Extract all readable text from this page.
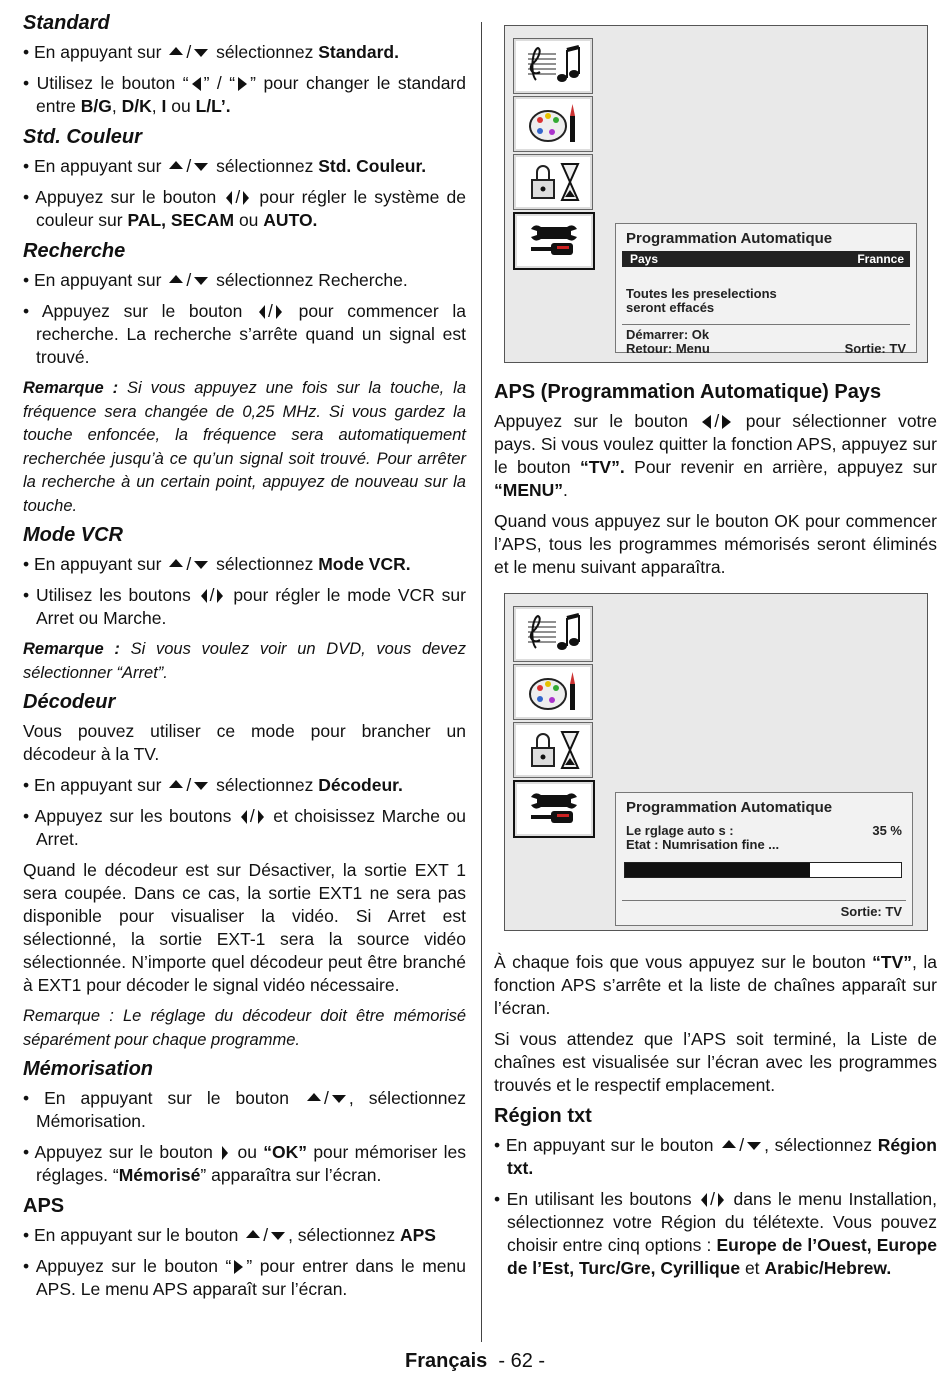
Standard

• En appuyant sur / sélectionnez Standard.

• Utilisez le bouton “ ” / “ ” pour changer le standard entre B/G, D/K, I ou L/L’.

Std. Couleur

• En appuyant sur / sélectionnez Std. Couleur.

• Appuyez sur le bouton / pour régler le système de couleur sur PAL, SECAM ou AUTO.

Recherche

• En appuyant sur / sélectionnez Recherche.

• Appuyez sur le bouton / pour commencer la recherche. La recherche s’arrête quand un signal est trouvé.

Remarque : Si vous appuyez une fois sur la touche, la fréquence sera changée de 0,25 MHz. Si vous gardez la touche enfoncée, la fréquence sera automatiquement recherchée jusqu’à ce qu’un signal soit trouvé. Pour arrêter la recherche à un certain point, appuyez de nouveau sur la touche.

Mode VCR

• En appuyant sur / sélectionnez Mode VCR.

• Utilisez les boutons / pour régler le mode VCR sur Arret ou Marche.

Remarque : Si vous voulez voir un DVD, vous devez sélectionner “Arret”.

Décodeur

Vous pouvez utiliser ce mode pour brancher un décodeur à la TV.

• En appuyant sur / sélectionnez Décodeur.

• Appuyez sur les boutons / et choisissez Marche ou Arret.

Quand le décodeur est sur Désactiver, la sortie EXT 1 sera coupée. Dans ce cas, la sortie EXT1 ne sera pas disponible pour visualiser la vidéo. Si Arret est sélectionné, la sortie EXT-1 sera la source vidéo sélectionnée. N’importe quel décodeur peut être branché à EXT1 pour décoder le signal vidéo nécessaire.

Remarque : Le réglage du décodeur doit être mémorisé séparément pour chaque programme.

Mémorisation

• En appuyant sur le bouton / , sélectionnez Mémorisation.

• Appuyez sur le bouton ou “OK” pour mémoriser les réglages. “Mémorisé” apparaîtra sur l’écran.

APS

• En appuyant sur le bouton / , sélectionnez APS

• Appuyez sur le bouton “ ” pour entrer dans le menu APS. Le menu APS apparaît sur l’écran.

Programmation Automatique
Pays	Frannce
Toutes les preselections
seront effacés
Démarrer: Ok
Retour: Menu	Sortie: TV
APS (Programmation Automatique) Pays

Appuyez sur le bouton / pour sélectionner votre pays. Si vous voulez quitter la fonction APS, appuyez sur le bouton “TV”. Pour revenir en arrière, appuyez sur “MENU”.

Quand vous appuyez sur le bouton OK pour commencer l’APS, tous les programmes mémorisés seront éliminés et le menu suivant apparaîtra.

Programmation Automatique
Le rglage auto s :	35 %
Etat : Numrisation fine ...
Sortie: TV

À chaque fois que vous appuyez sur le bouton “TV”, la fonction APS s’arrête et la liste de chaînes apparaît sur l’écran.

Si vous attendez que l’APS soit terminé, la Liste de chaînes est visualisée sur l’écran avec les programmes trouvés et le respectif emplacement.

Région txt

• En appuyant sur le bouton / , sélectionnez Région txt.

• En utilisant les boutons / dans le menu Installation, sélectionnez votre Région du télétexte. Vous pouvez choisir entre cinq options : Europe de l’Ouest, Europe de l’Est, Turc/Gre, Cyrillique et Arabic/Hebrew.

Français - 62 -
